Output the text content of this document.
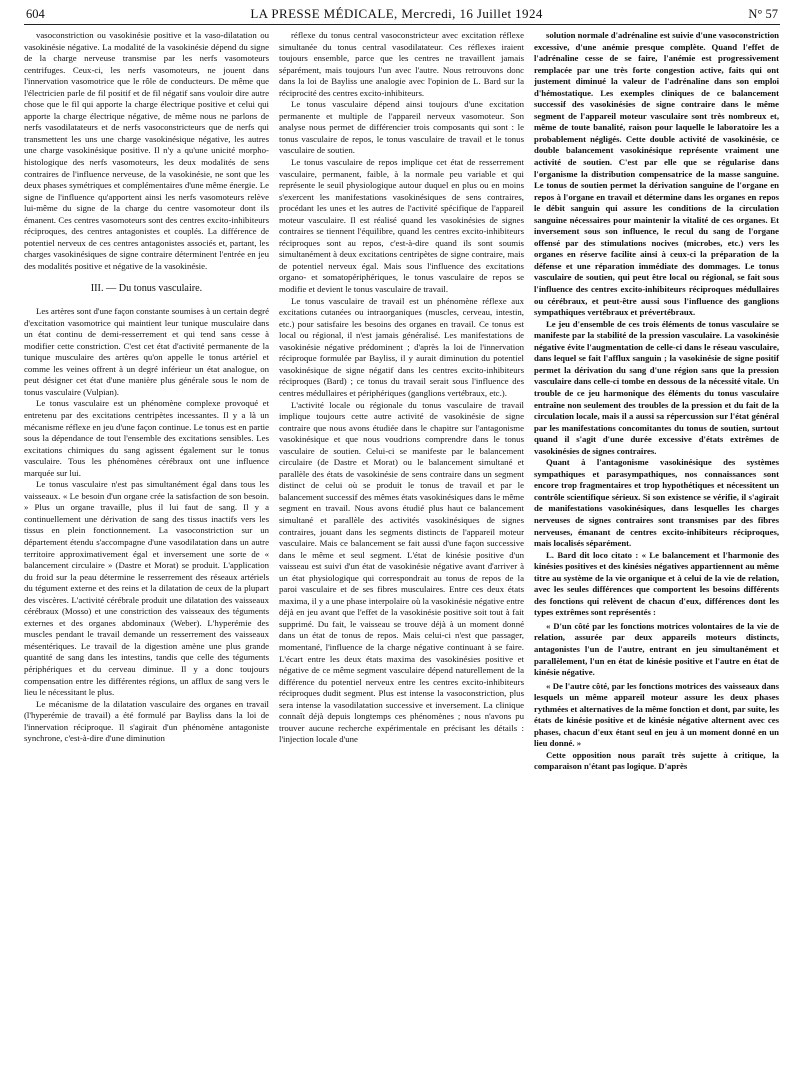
604	LA PRESSE MÉDICALE, Mercredi, 16 Juillet 1924	N° 57

vasoconstriction ou vasokinésie positive et la vaso-dilatation ou vasokinésie négative. La modalité de la vasokinésie dépend du signe de la charge nerveuse transmise par les nerfs vasomoteurs centrifuges. Ceux-ci, les nerfs vasomoteurs, ne jouent dans l'innervation vasomotrice que le rôle de conducteurs. De même que l'électricien parle de fil positif et de fil négatif sans vouloir dire autre chose que le fil qui apporte la charge électrique positive et celui qui apporte la charge électrique négative, de même nous ne parlons de nerfs vasodilatateurs et de nerfs vasoconstricteurs que de nerfs qui transmettent les uns une charge vasokinésique négative, les autres une charge vasokinésique positive. Il n'y a qu'une unicité morpho-histologique des nerfs vasomoteurs, les deux modalités de sens contraires de l'influence nerveuse, de la vasokinésie, ne sont que les deux phases symétriques et complémentaires d'une même énergie. Le signe de l'influence qu'apportent ainsi les nerfs vasomoteurs relève lui-même du signe de la charge du centre vasomoteur dont ils émanent. Ces centres vasomoteurs sont des centres excito-inhibiteurs réciproques, des centres antagonistes et couplés. La différence de potentiel nerveux de ces centres antagonistes associés et, partant, les charges vasokinésiques de signe contraire déterminent l'entrée en jeu des modalités positive et négative de la vasokinésie.

III. — Du tonus vasculaire.

Les artères sont d'une façon constante soumises à un certain degré d'excitation vasomotrice qui maintient leur tunique musculaire dans un état continu de demi-resserrement et qui tend sans cesse à modifier cette constriction. C'est cet état d'activité permanente de la tunique musculaire des artères qu'on appelle le tonus artériel et comme les veines offrent à un degré inférieur un état analogue, on peut désigner cet état d'une manière plus générale sous le nom de tonus vasculaire (Vulpian).

Le tonus vasculaire est un phénomène complexe provoqué et entretenu par des excitations centripètes incessantes. Il y a là un mécanisme réflexe en jeu d'une façon continue. Le tonus est en partie sous la dépendance de tout l'ensemble des excitations sensibles. Les excitations chimiques du sang agissent également sur le tonus vasculaire. Tous les phénomènes cérébraux ont une influence marquée sur lui.

Le tonus vasculaire n'est pas simultanément égal dans tous les vaisseaux. « Le besoin d'un organe crée la satisfaction de son besoin. » Plus un organe travaille, plus il lui faut de sang. Il y a continuellement une dérivation de sang des tissus inactifs vers les tissus en plein fonctionnement. La vasoconstriction sur un département étendu s'accompagne d'une vasodilatation dans un autre territoire approximativement égal et inversement une sorte de « balancement circulaire » (Dastre et Morat) se produit. L'application du froid sur la peau détermine le resserrement des réseaux artériels du tégument externe et des reins et la dilatation de ceux de la plupart des viscères. L'activité cérébrale produit une dilatation des vaisseaux cérébraux (Mosso) et une constriction des vaisseaux des téguments externes et des organes abdominaux (Weber). L'hyperémie des muscles pendant le travail demande un resserrement des vaisseaux mésentériques. Le travail de la digestion amène une plus grande quantité de sang dans les intestins, tandis que celle des téguments périphériques et du cerveau diminue. Il y a donc toujours compensation entre les différentes régions, un afflux de sang vers le lieu le nécessitant le plus.

Le mécanisme de la dilatation vasculaire des organes en travail (l'hyperémie de travail) a été formulé par Bayliss dans la loi de l'innervation réciproque. Il s'agirait d'un phénomène antagoniste synchrone, c'est-à-dire d'une diminution

réflexe du tonus central vasoconstricteur avec excitation réflexe simultanée du tonus central vasodilatateur. Ces réflexes iraient toujours ensemble, parce que les centres ne travaillent jamais séparément, mais toujours l'un avec l'autre. Nous retrouvons donc dans la loi de Bayliss une analogie avec l'opinion de L. Bard sur la réciprocité des centres excito-inhibiteurs.

Le tonus vasculaire dépend ainsi toujours d'une excitation permanente et multiple de l'appareil nerveux vasomoteur. Son analyse nous permet de différencier trois composants qui sont : le tonus vasculaire de repos, le tonus vasculaire de travail et le tonus vasculaire de soutien.

Le tonus vasculaire de repos implique cet état de resserrement vasculaire, permanent, faible, à la normale peu variable et qui représente le seuil physiologique autour duquel en plus ou en moins s'exercent les manifestations vasokinésiques de sens contraires, procédant les unes et les autres de l'activité spécifique de l'appareil moteur vasculaire. Il est réalisé quand les vasokinésies de signes contraires se tiennent l'équilibre, quand les centres excito-inhibiteurs réciproques sont au repos, c'est-à-dire quand ils sont soumis simultanément à deux excitations centripètes de signe contraire, mais de potentiel nerveux égal. Mais sous l'influence des excitations organo- et somatopériphériques, le tonus vasculaire de repos se modifie et devient le tonus vasculaire de travail.

Le tonus vasculaire de travail est un phénomène réflexe aux excitations cutanées ou intraorganiques (muscles, cerveau, intestin, etc.) pour satisfaire les besoins des organes en travail. Ce tonus est local ou régional, il n'est jamais généralisé. Les manifestations de vasokinésie négative prédominent ; d'après la loi de l'innervation réciproque formulée par Bayliss, il y aurait diminution du potentiel vasokinésique de signe négatif dans les centres excito-inhibiteurs réciproques (Bard) ; ce tonus du travail serait sous l'influence des centres médullaires et périphériques (ganglions vertébraux, etc.).

L'activité locale ou régionale du tonus vasculaire de travail implique toujours cette autre activité de vasokinésie de signe contraire que nous avons étudiée dans le chapitre sur l'antagonisme vasokinésique et que nous voudrions comprendre dans le tonus vasculaire de soutien. Celui-ci se manifeste par le balancement circulaire (de Dastre et Morat) ou le balancement simultané et parallèle des états de vasokinésie de sens contraire dans un segment distinct de celui où se produit le tonus de travail et par le balancement successif des mêmes états vasokinésiques dans le même segment en travail. Nous avons étudié plus haut ce balancement simultané et parallèle des activités vasokinésiques de signes contraires, jouant dans les segments distincts de l'appareil moteur vasculaire. Mais ce balancement se fait aussi d'une façon successive dans le même et seul segment. L'état de kinésie positive d'un vaisseau est suivi d'un état de vasokinésie négative avant d'arriver à un état physiologique qui correspondrait au tonus de repos de la paroi vasculaire et de ses fibres musculaires. Entre ces deux états maxima, il y a une phase interpolaire où la vasokinésie négative entre déjà en jeu avant que l'effet de la vasokinésie positive soit tout à fait supprimé. Du fait, le vaisseau se trouve déjà à un moment donné dans un état de tonus de repos. Mais celui-ci n'est que passager, momentané, l'influence de la charge négative continuant à se faire. L'écart entre les deux états maxima des vasokinésies positive et négative de ce même segment vasculaire dépend naturellement de la différence du potentiel nerveux entre les centres excito-inhibiteurs réciproques dudit segment. Plus est intense la vasoconstriction, plus sera intense la vasodilatation successive et inversement. La clinique connaît déjà depuis longtemps ces phénomènes ; nous n'avons pu trouver aucune recherche expérimentale en précisant les détails : l'injection locale d'une

solution normale d'adrénaline est suivie d'une vasoconstriction excessive, d'une anémie presque complète. Quand l'effet de l'adrénaline cesse de se faire, l'anémie est progressivement remplacée par une très forte congestion active, faits qui ont justement diminué la valeur de l'adrénaline dans son emploi d'hémostatique. Les exemples cliniques de ce balancement successif des vasokinésies de signe contraire dans le même segment de l'appareil moteur vasculaire sont très nombreux et, même de toute banalité, raison pour laquelle le laboratoire les a probablement négligés. Cette double activité de vasokinésie, ce double balancement vasokinésique représente vraiment une activité de soutien. C'est par elle que se régularise dans l'organisme la distribution compensatrice de la masse sanguine. Le tonus de soutien permet la dérivation sanguine de l'organe en repos à l'organe en travail et détermine dans les organes en repos le débit sanguin qui assure les conditions de la circulation sanguine nécessaires pour maintenir la vitalité de ces organes. Et inversement sous son influence, le recul du sang de l'organe offensé par des stimulations nocives (microbes, etc.) vers les organes en réserve facilite ainsi à ceux-ci la préparation de la défense et une réparation immédiate des dommages. Le tonus vasculaire de soutien, qui peut être local ou régional, se fait sous l'influence des centres excito-inhibiteurs réciproques médullaires ou cérébraux, et peut-être aussi sous l'influence des ganglions sympathiques vertébraux et prévertébraux.

Le jeu d'ensemble de ces trois éléments de tonus vasculaire se manifeste par la stabilité de la pression vasculaire. La vasokinésie négative évite l'augmentation de celle-ci dans le réseau vasculaire, dans lequel se fait l'afflux sanguin ; la vasokinésie de signe positif permet la dérivation du sang d'une région sans que la pression vasculaire dans celle-ci tombe en dessous de la nécessité vitale. Un trouble de ce jeu harmonique des éléments du tonus vasculaire entraîne non seulement des troubles de la pression et du fait de la circulation locale, mais il a aussi sa répercussion sur l'état général par les manifestations concomitantes du tonus de soutien, surtout quand il s'agit d'une durée excessive d'états extrêmes de vasokinésies de signes contraires.

Quant à l'antagonisme vasokinésique des systèmes sympathiques et parasympathiques, nos connaissances sont encore trop fragmentaires et trop hypothétiques et nécessitent un contrôle scientifique sérieux. Si son existence se vérifie, il s'agirait de manifestations vasokinésiques, dans lesquelles les charges nerveuses de signes contraires sont transmises par des fibres nerveuses, émanant de centres excito-inhibiteurs réciproques, mais localisés séparément.

L. Bard dit loco citato : « Le balancement et l'harmonie des kinésies positives et des kinésies négatives appartiennent au même titre au système de la vie organique et à celui de la vie de relation, avec les seules différences que comportent les besoins différents des fonctions qui relèvent de chacun d'eux, différences dont les types extrêmes sont représentés :

« D'un côté par les fonctions motrices volontaires de la vie de relation, assurée par deux appareils moteurs distincts, antagonistes l'un de l'autre, entrant en jeu simultanément et parallèlement, l'un en état de kinésie positive et l'autre en état de kinésie négative.

« De l'autre côté, par les fonctions motrices des vaisseaux dans lesquels un même appareil moteur assure les deux phases rythmées et alternatives de la même fonction et dont, par suite, les états de kinésie positive et de kinésie négative alternent avec ces phases, chacun d'eux étant seul en jeu à un moment donné en un lieu donné. »

Cette opposition nous paraît très sujette à critique, la comparaison n'étant pas logique. D'après
